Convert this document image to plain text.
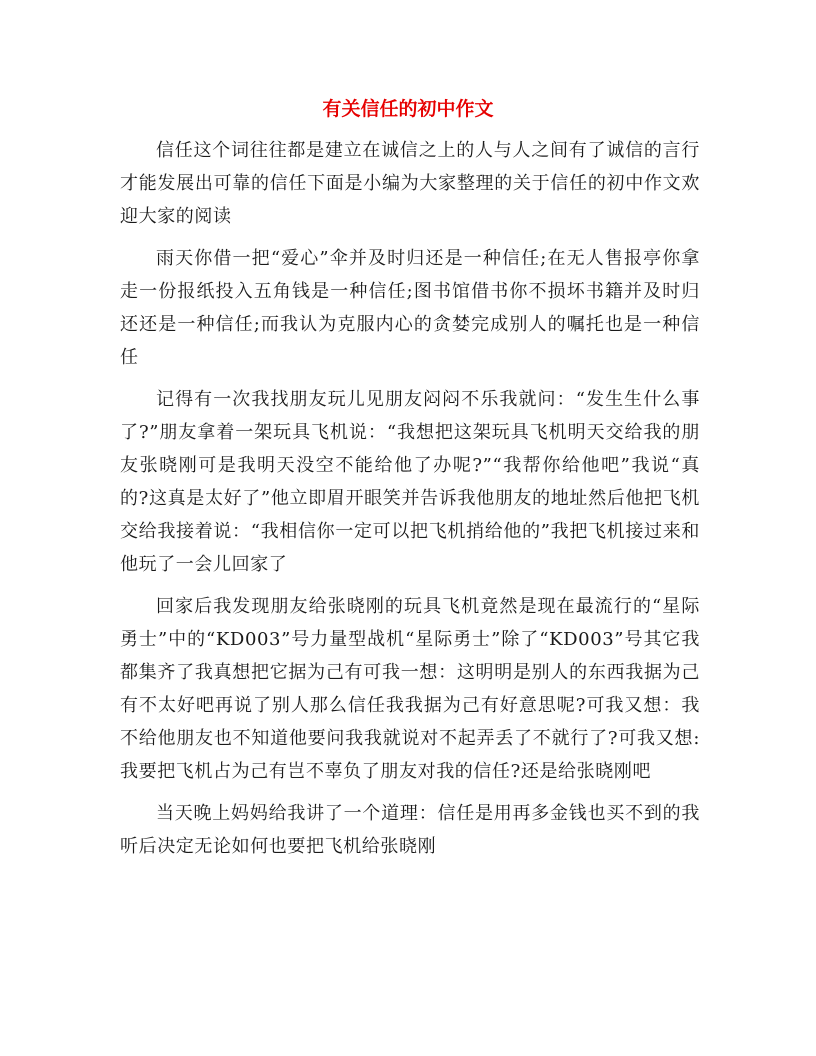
有关信任的初中作文

信任这个词往往都是建立在诚信之上的人与人之间有了诚信的言行才能发展出可靠的信任下面是小编为大家整理的关于信任的初中作文欢迎大家的阅读

雨天你借一把“爱心”伞并及时归还是一种信任;在无人售报亭你拿走一份报纸投入五角钱是一种信任;图书馆借书你不损坏书籍并及时归还还是一种信任;而我认为克服内心的贪婪完成别人的嘱托也是一种信任

记得有一次我找朋友玩儿见朋友闷闷不乐我就问：“发生生什么事了?”朋友拿着一架玩具飞机说：“我想把这架玩具飞机明天交给我的朋友张晓刚可是我明天没空不能给他了办呢?”“我帮你给他吧”我说“真的?这真是太好了”他立即眉开眼笑并告诉我他朋友的地址然后他把飞机交给我接着说：“我相信你一定可以把飞机捎给他的”我把飞机接过来和他玩了一会儿回家了

回家后我发现朋友给张晓刚的玩具飞机竟然是现在最流行的“星际勇士”中的“KD003”号力量型战机“星际勇士”除了“KD003”号其它我都集齐了我真想把它据为己有可我一想：这明明是别人的东西我据为己有不太好吧再说了别人那么信任我我据为己有好意思呢?可我又想：我不给他朋友也不知道他要问我我就说对不起弄丢了不就行了?可我又想:我要把飞机占为己有岂不辜负了朋友对我的信任?还是给张晓刚吧

当天晚上妈妈给我讲了一个道理：信任是用再多金钱也买不到的我听后决定无论如何也要把飞机给张晓刚
